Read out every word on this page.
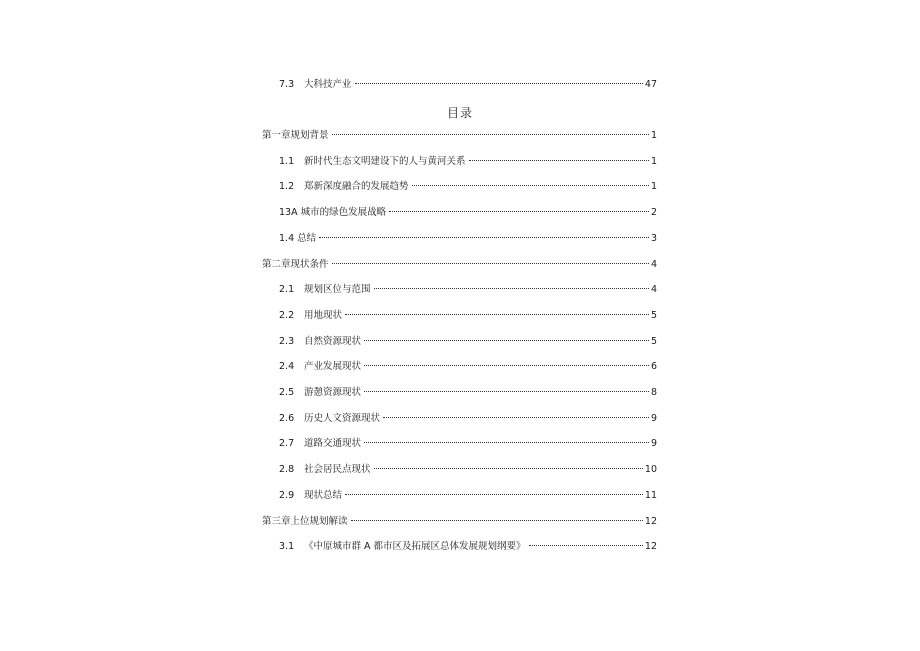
7.3 大科技产业	47
目录
第一章规划背景	1
1.1 新时代生态文明建设下的人与黄河关系	1
1.2 郑新深度融合的发展趋势	1
13A 城市的绿色发展战略	2
1.4 总结	3
第二章现状条件	4
2.1 规划区位与范围	4
2.2 用地现状	5
2.3 自然资源现状	5
2.4 产业发展现状	6
2.5 游憩资源现状	8
2.6 历史人文资源现状	9
2.7 道路交通现状	9
2.8 社会居民点现状	10
2.9 现状总结	11
第三章上位规划解读	12
3.1 《中原城市群 A 都市区及拓展区总体发展规划纲要》	12
